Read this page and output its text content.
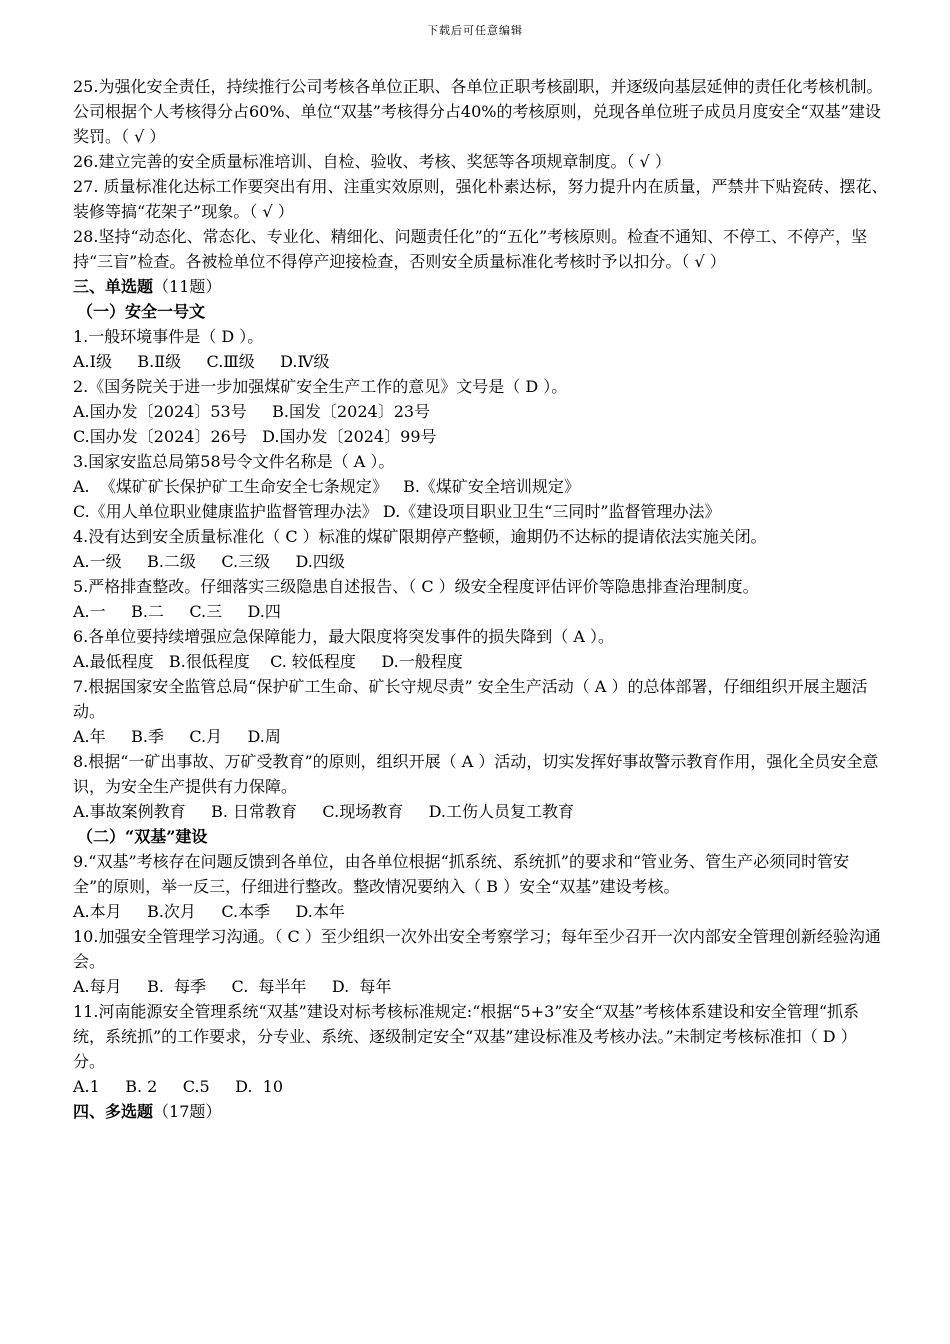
下载后可任意编辑
25.为强化安全责任，持续推行公司考核各单位正职、各单位正职考核副职，并逐级向基层延伸的责任化考核机制。公司根据个人考核得分占60%、单位“双基”考核得分占40%的考核原则，兑现各单位班子成员月度安全“双基”建设奖罚。（ √ ）
26.建立完善的安全质量标准培训、自检、验收、考核、奖惩等各项规章制度。（ √ ）
27. 质量标准化达标工作要突出有用、注重实效原则，强化朴素达标，努力提升内在质量，严禁井下贴瓷砖、摆花、装修等搞“花架子”现象。（ √ ）
28.坚持“动态化、常态化、专业化、精细化、问题责任化”的“五化”考核原则。检查不通知、不停工、不停产，坚持“三盲”检查。各被检单位不得停产迎接检查，否则安全质量标准化考核时予以扣分。（ √ ）
三、单选题（11题）
（一）安全一号文
1.一般环境事件是（ D ）。
A.Ⅰ级     B.Ⅱ级     C.Ⅲ级     D.Ⅳ级
2.《国务院关于进一步加强煤矿安全生产工作的意见》文号是（ D ）。
A.国办发〔2024〕53号     B.国发〔2024〕23号
C.国办发〔2024〕26号   D.国办发〔2024〕99号
3.国家安监总局第58号令文件名称是（ A ）。
A.  《煤矿矿长保护矿工生命安全七条规定》   B.《煤矿安全培训规定》
C.《用人单位职业健康监护监督管理办法》 D.《建设项目职业卫生“三同时”监督管理办法》
4.没有达到安全质量标准化（ C ）标准的煤矿限期停产整顿，逾期仍不达标的提请依法实施关闭。
A.一级     B.二级     C.三级     D.四级
5.严格排查整改。仔细落实三级隐患自述报告、（ C ）级安全程度评估评价等隐患排查治理制度。
A.一     B.二     C.三     D.四
6.各单位要持续增强应急保障能力，最大限度将突发事件的损失降到（ A ）。
A.最低程度   B.很低程度    C. 较低程度     D.一般程度
7.根据国家安全监管总局“保护矿工生命、矿长守规尽责” 安全生产活动（ A ）的总体部署，仔细组织开展主题活动。
A.年     B.季     C.月     D.周
8.根据“一矿出事故、万矿受教育”的原则，组织开展（ A ）活动，切实发挥好事故警示教育作用，强化全员安全意识，为安全生产提供有力保障。
A.事故案例教育     B. 日常教育     C.现场教育     D.工伤人员复工教育
（二）“双基”建设
9.“双基”考核存在问题反馈到各单位，由各单位根据“抓系统、系统抓”的要求和“管业务、管生产必须同时管安全”的原则，举一反三，仔细进行整改。整改情况要纳入（ B ）安全“双基”建设考核。
A.本月     B.次月     C.本季     D.本年
10.加强安全管理学习沟通。（ C ）至少组织一次外出安全考察学习；每年至少召开一次内部安全管理创新经验沟通会。
A.每月     B.  每季     C.  每半年     D.  每年
11.河南能源安全管理系统“双基”建设对标考核标准规定:“根据“5+3”安全“双基”考核体系建设和安全管理“抓系统，系统抓”的工作要求，分专业、系统、逐级制定安全“双基”建设标准及考核办法。”未制定考核标准扣（ D ）分。
A.1     B. 2     C.5     D.  10
四、多选题（17题）
